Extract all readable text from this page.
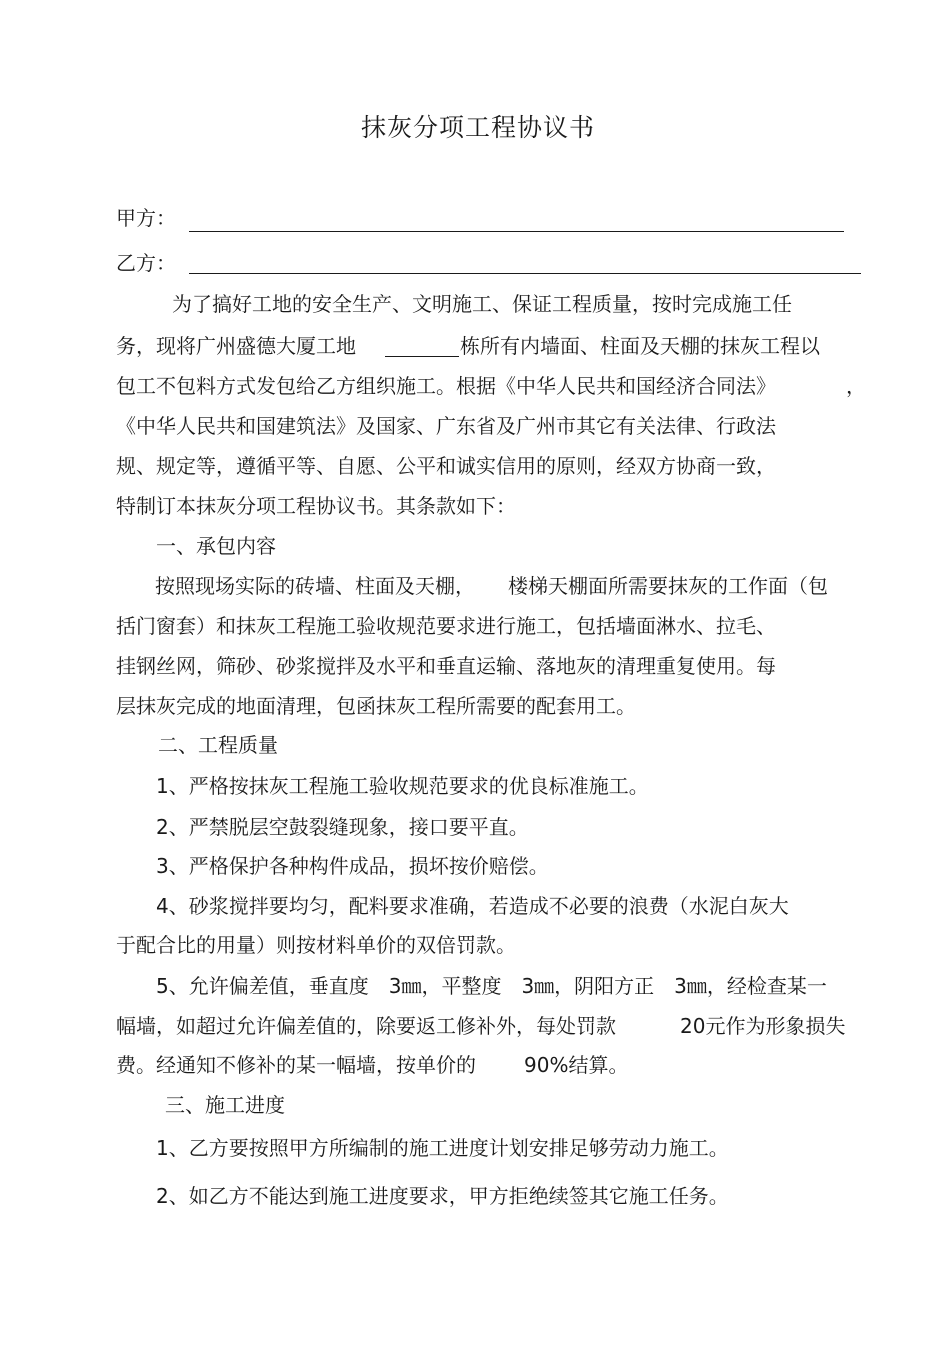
抹灰分项工程协议书
甲方：
乙方：
为了搞好工地的安全生产、文明施工、保证工程质量，按时完成施工任
务，现将广州盛德大厦工地	栋所有内墙面、柱面及天棚的抹灰工程以
包工不包料方式发包给乙方组织施工。根据《中华人民共和国经济合同法》	，
《中华人民共和国建筑法》及国家、广东省及广州市其它有关法律、行政法
规、规定等，遵循平等、自愿、公平和诚实信用的原则，经双方协商一致，
特制订本抹灰分项工程协议书。其条款如下：
一、承包内容
按照现场实际的砖墙、柱面及天棚， 楼梯天棚面所需要抹灰的工作面（包
括门窗套）和抹灰工程施工验收规范要求进行施工，包括墙面淋水、拉毛、
挂钢丝网，筛砂、砂浆搅拌及水平和垂直运输、落地灰的清理重复使用。每
层抹灰完成的地面清理，包函抹灰工程所需要的配套用工。
二、工程质量
1、严格按抹灰工程施工验收规范要求的优良标准施工。
2、严禁脱层空鼓裂缝现象，接口要平直。
3、严格保护各种构件成品，损坏按价赔偿。
4、砂浆搅拌要均匀，配料要求准确，若造成不必要的浪费（水泥白灰大
于配合比的用量）则按材料单价的双倍罚款。
5、允许偏差值，垂直度　3㎜，平整度　3㎜，阴阳方正　3㎜，经检查某一
幅墙，如超过允许偏差值的，除要返工修补外，每处罚款	20元作为形象损失
费。经通知不修补的某一幅墙，按单价的 90%结算。
三、施工进度
1、乙方要按照甲方所编制的施工进度计划安排足够劳动力施工。
2、如乙方不能达到施工进度要求，甲方拒绝续签其它施工任务。
